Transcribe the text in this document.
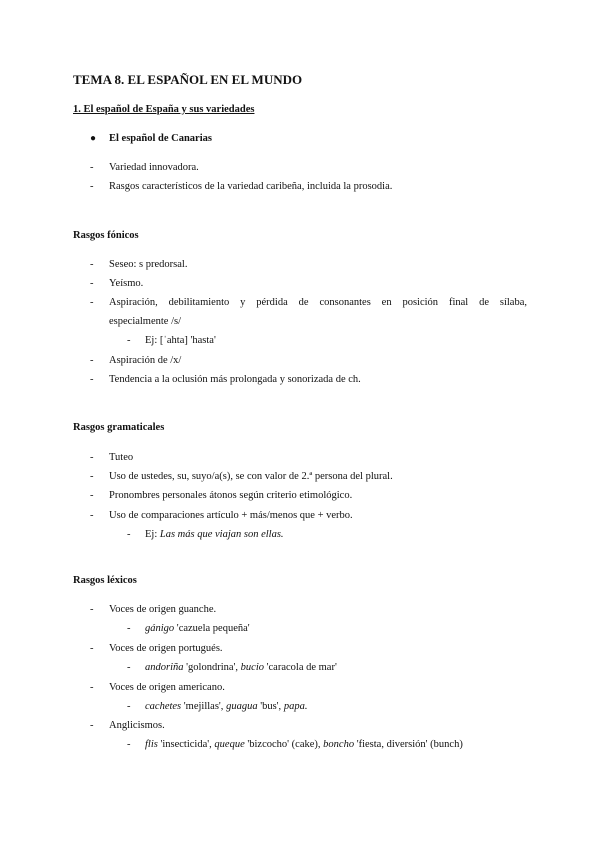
TEMA 8. EL ESPAÑOL EN EL MUNDO
1. El español de España y sus variedades
● El español de Canarias
- Variedad innovadora.
- Rasgos característicos de la variedad caribeña, incluida la prosodia.
Rasgos fónicos
- Seseo: s predorsal.
- Yeísmo.
- Aspiración, debilitamiento y pérdida de consonantes en posición final de sílaba,
especialmente /s/
- Ej: [ˈahta] 'hasta'
- Aspiración de /x/
- Tendencia a la oclusión más prolongada y sonorizada de ch.
Rasgos gramaticales
- Tuteo
- Uso de ustedes, su, suyo/a(s), se con valor de 2.ª persona del plural.
- Pronombres personales átonos según criterio etimológico.
- Uso de comparaciones artículo + más/menos que + verbo.
- Ej: Las más que viajan son ellas.
Rasgos léxicos
- Voces de origen guanche.
- gánigo 'cazuela pequeña'
- Voces de origen portugués.
- andoriña 'golondrina', bucio 'caracola de mar'
- Voces de origen americano.
- cachetes 'mejillas', guagua 'bus', papa.
- Anglicismos.
- flis 'insecticida', queque 'bizcocho' (cake), boncho 'fiesta, diversión' (bunch)
